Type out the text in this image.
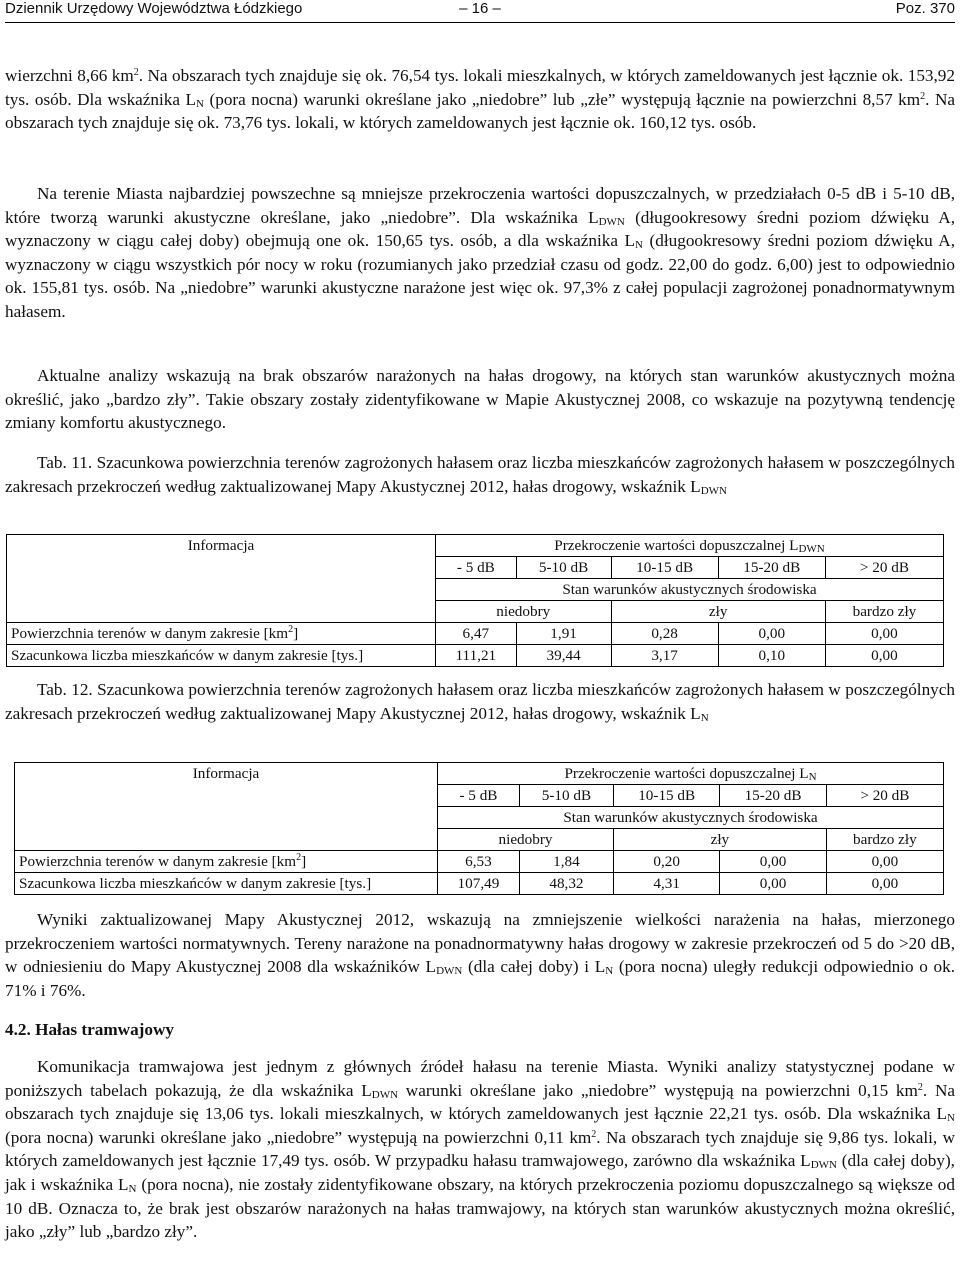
Dziennik Urzędowy Województwa Łódzkiego	– 16 –	Poz. 370

wierzchni 8,66 $km^2$. Na obszarach tych znajduje się ok. 76,54 tys. lokali mieszkalnych, w których zameldowanych jest łącznie ok. 153,92 tys. osób. Dla wskaźnika $L_N$ (pora nocna) warunki określane jako „niedobre” lub „złe” występują łącznie na powierzchni 8,57 $km^2$. Na obszarach tych znajduje się ok. 73,76 tys. lokali, w których zameldowanych jest łącznie ok. 160,12 tys. osób.

Na terenie Miasta najbardziej powszechne są mniejsze przekroczenia wartości dopuszczalnych, w przedziałach 0-5 dB i 5-10 dB, które tworzą warunki akustyczne określane, jako „niedobre”. Dla wskaźnika $L_{DWN}$ (długookresowy średni poziom dźwięku A, wyznaczony w ciągu całej doby) obejmują one ok. 150,65 tys. osób, a dla wskaźnika $L_N$ (długookresowy średni poziom dźwięku A, wyznaczony w ciągu wszystkich pór nocy w roku (rozumianych jako przedział czasu od godz. 22,00 do godz. 6,00) jest to odpowiednio ok. 155,81 tys. osób. Na „niedobre” warunki akustyczne narażone jest więc ok. 97,3% z całej populacji zagrożonej ponadnormatywnym hałasem.

Aktualne analizy wskazują na brak obszarów narażonych na hałas drogowy, na których stan warunków akustycznych można określić, jako „bardzo zły”. Takie obszary zostały zidentyfikowane w Mapie Akustycznej 2008, co wskazuje na pozytywną tendencję zmiany komfortu akustycznego.

Tab. 11. Szacunkowa powierzchnia terenów zagrożonych hałasem oraz liczba mieszkańców zagrożonych hałasem w poszczególnych zakresach przekroczeń według zaktualizowanej Mapy Akustycznej 2012, hałas drogowy, wskaźnik $L_{DWN}$

Informacja	Przekroczenie wartości dopuszczalnej $L_{DWN}$
	- 5 dB	5-10 dB	10-15 dB	15-20 dB	> 20 dB
	Stan warunków akustycznych środowiska				
	niedobry		zły		bardzo zły
Powierzchnia terenów w danym zakresie $[km^2]$	6,47	1,91	0,28	0,00	0,00
Szacunkowa liczba mieszkańców w danym zakresie [tys.]	111,21	39,44	3,17	0,10	0,00

Tab. 12. Szacunkowa powierzchnia terenów zagrożonych hałasem oraz liczba mieszkańców zagrożonych hałasem w poszczególnych zakresach przekroczeń według zaktualizowanej Mapy Akustycznej 2012, hałas drogowy, wskaźnik $L_N$

Informacja	Przekroczenie wartości dopuszczalnej $L_N$
	- 5 dB	5-10 dB	10-15 dB	15-20 dB	> 20 dB
	Stan warunków akustycznych środowiska				
	niedobry		zły		bardzo zły
Powierzchnia terenów w danym zakresie $[km^2]$	6,53	1,84	0,20	0,00	0,00
Szacunkowa liczba mieszkańców w danym zakresie [tys.]	107,49	48,32	4,31	0,00	0,00

Wyniki zaktualizowanej Mapy Akustycznej 2012, wskazują na zmniejszenie wielkości narażenia na hałas, mierzonego przekroczeniem wartości normatywnych. Tereny narażone na ponadnormatywny hałas drogowy w zakresie przekroczeń od 5 do >20 dB, w odniesieniu do Mapy Akustycznej 2008 dla wskaźników $L_{DWN}$ (dla całej doby) i $L_N$ (pora nocna) uległy redukcji odpowiednio o ok. 71% i 76%.

4.2. Hałas tramwajowy

Komunikacja tramwajowa jest jednym z głównych źródeł hałasu na terenie Miasta. Wyniki analizy statystycznej podane w poniższych tabelach pokazują, że dla wskaźnika $L_{DWN}$ warunki określane jako „niedobre” występują na powierzchni 0,15 $km^2$. Na obszarach tych znajduje się 13,06 tys. lokali mieszkalnych, w których zameldowanych jest łącznie 22,21 tys. osób. Dla wskaźnika $L_N$ (pora nocna) warunki określane jako „niedobre” występują na powierzchni 0,11 $km^2$. Na obszarach tych znajduje się 9,86 tys. lokali, w których zameldowanych jest łącznie 17,49 tys. osób. W przypadku hałasu tramwajowego, zarówno dla wskaźnika $L_{DWN}$ (dla całej doby), jak i wskaźnika $L_N$ (pora nocna), nie zostały zidentyfikowane obszary, na których przekroczenia poziomu dopuszczalnego są większe od 10 dB. Oznacza to, że brak jest obszarów narażonych na hałas tramwajowy, na których stan warunków akustycznych można określić, jako „zły” lub „bardzo zły”.
